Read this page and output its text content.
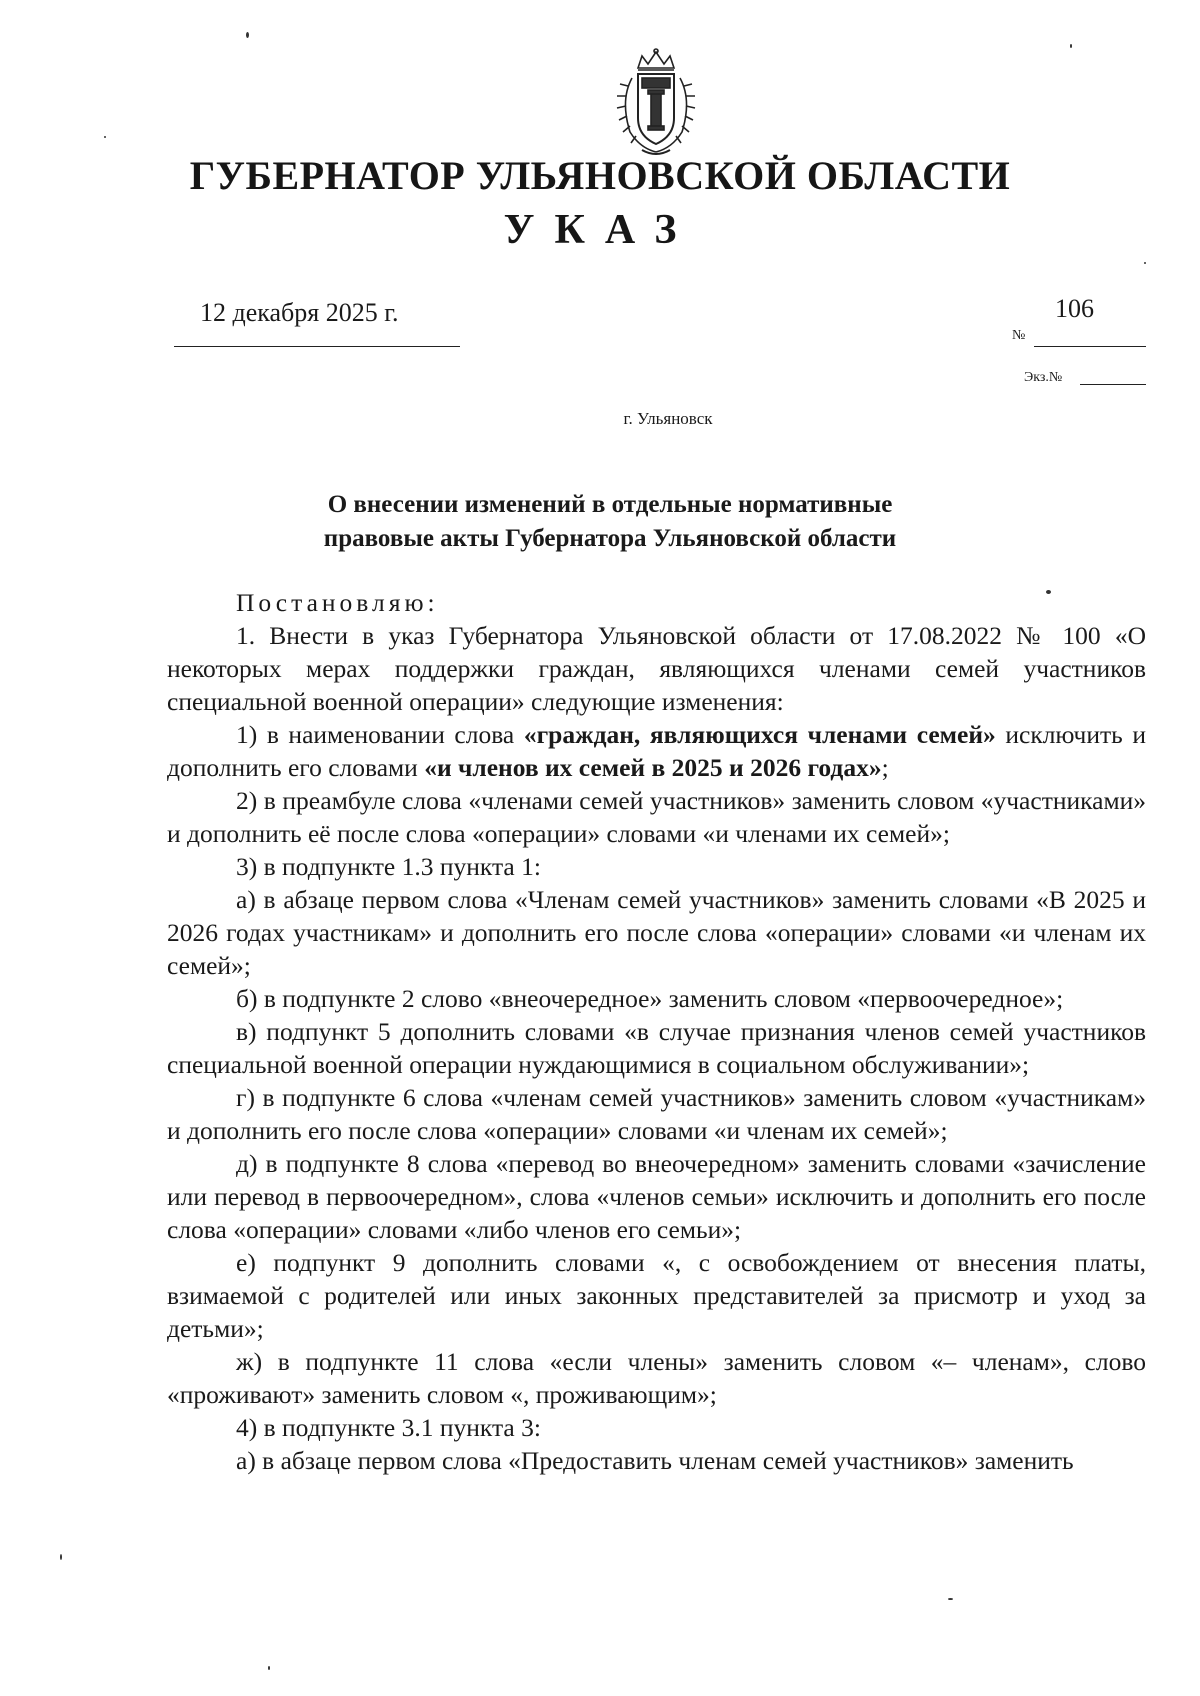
ГУБЕРНАТОР УЛЬЯНОВСКОЙ ОБЛАСТИ
УКАЗ
12 декабря 2025 г.	106
№
Экз.№
г. Ульяновск
О внесении изменений в отдельные нормативные
правовые акты Губернатора Ульяновской области

Постановляю:

1. Внести в указ Губернатора Ульяновской области от 17.08.2022 № 100 «О некоторых мерах поддержки граждан, являющихся членами семей участников специальной военной операции» следующие изменения:

1) в наименовании слова «граждан, являющихся членами семей» исключить и дополнить его словами «и членов их семей в 2025 и 2026 годах»;

2) в преамбуле слова «членами семей участников» заменить словом «участниками» и дополнить её после слова «операции» словами «и членами их семей»;

3) в подпункте 1.3 пункта 1:

а) в абзаце первом слова «Членам семей участников» заменить словами «В 2025 и 2026 годах участникам» и дополнить его после слова «операции» словами «и членам их семей»;

б) в подпункте 2 слово «внеочередное» заменить словом «первоочередное»;

в) подпункт 5 дополнить словами «в случае признания членов семей участников специальной военной операции нуждающимися в социальном обслуживании»;

г) в подпункте 6 слова «членам семей участников» заменить словом «участникам» и дополнить его после слова «операции» словами «и членам их семей»;

д) в подпункте 8 слова «перевод во внеочередном» заменить словами «зачисление или перевод в первоочередном», слова «членов семьи» исключить и дополнить его после слова «операции» словами «либо членов его семьи»;

е) подпункт 9 дополнить словами «, с освобождением от внесения платы, взимаемой с родителей или иных законных представителей за присмотр и уход за детьми»;

ж) в подпункте 11 слова «если члены» заменить словом «– членам», слово «проживают» заменить словом «, проживающим»;

4) в подпункте 3.1 пункта 3:

а) в абзаце первом слова «Предоставить членам семей участников» заменить
